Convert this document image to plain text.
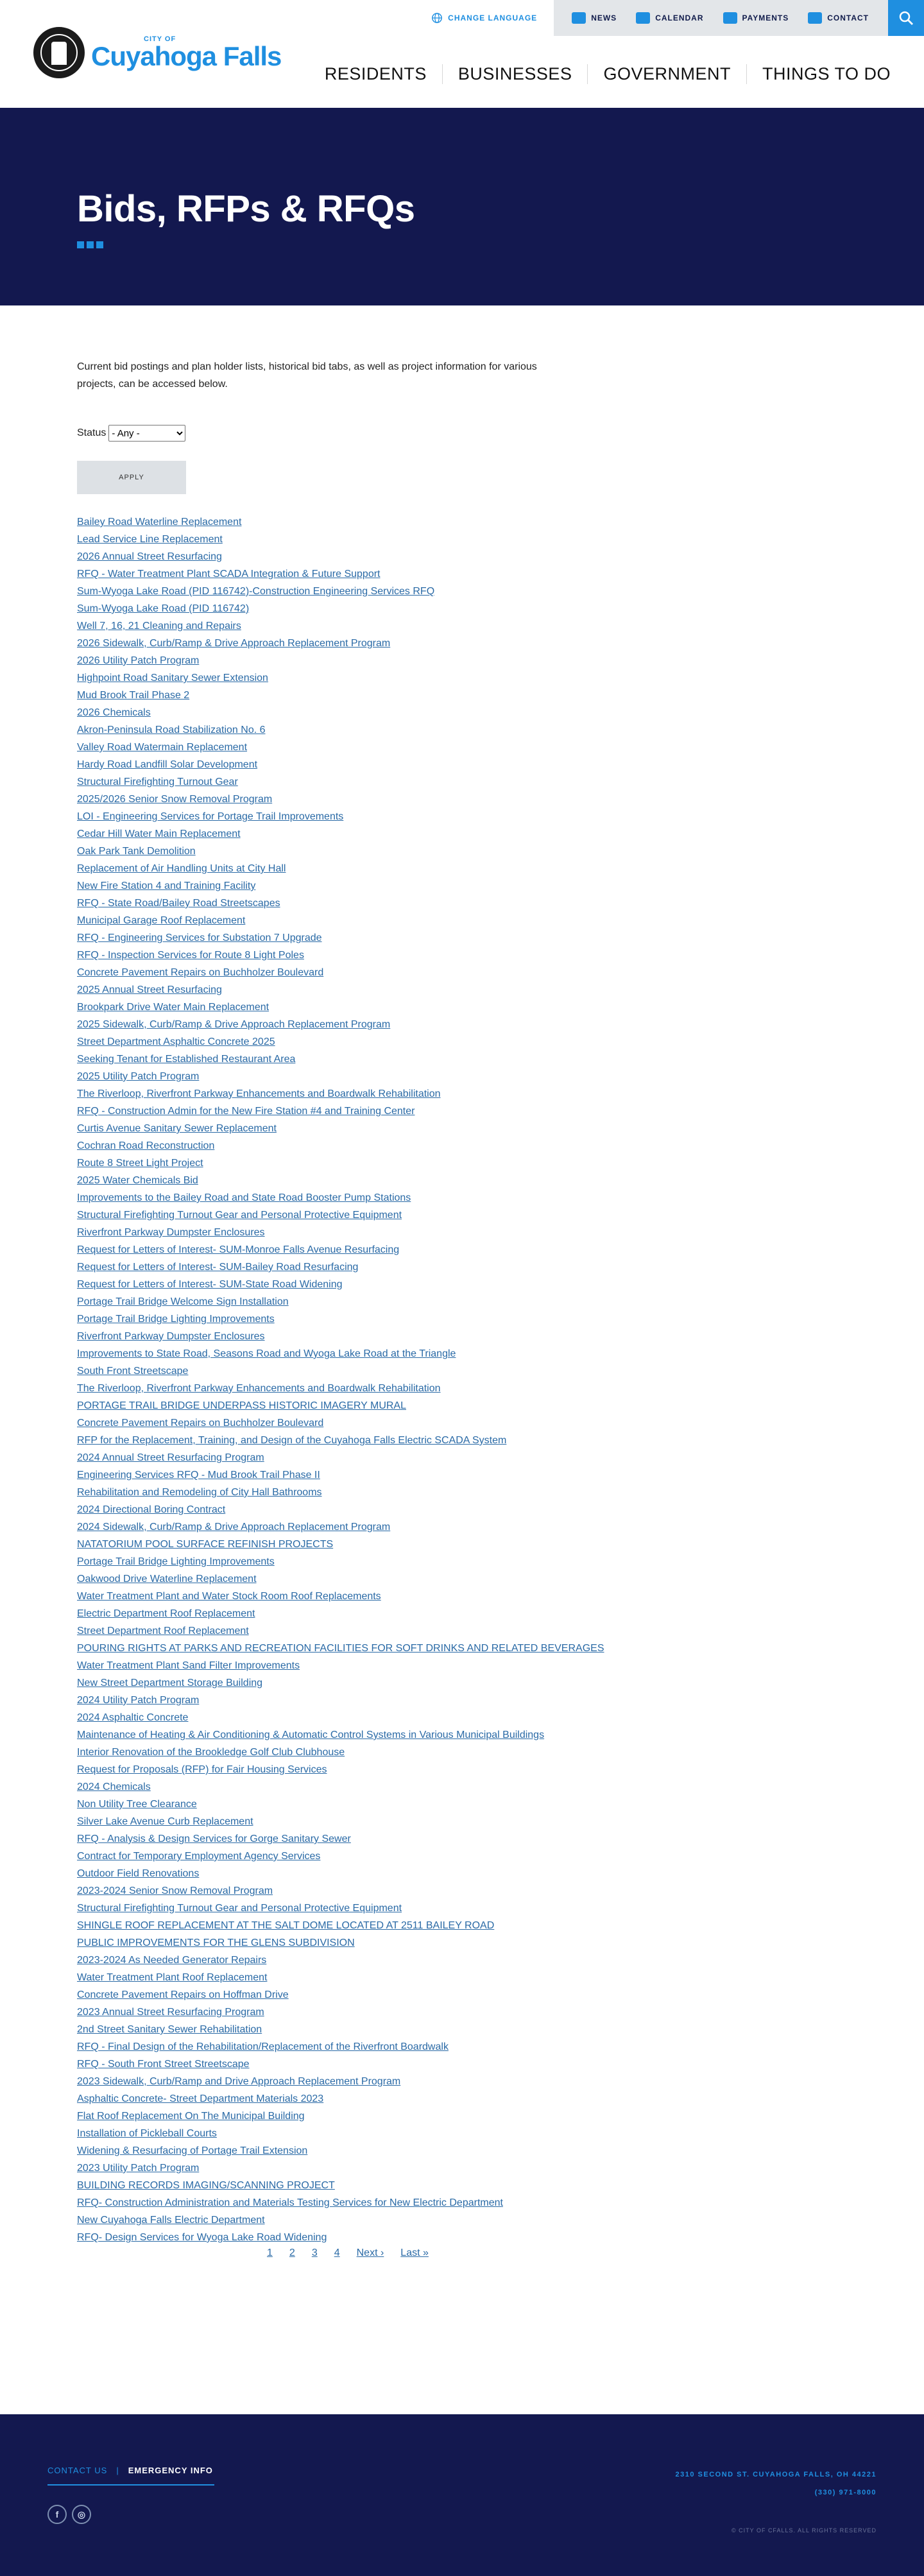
CHANGE LANGUAGE	NEWS	CALENDAR	PAYMENTS	CONTACT
CITY OF
Cuyahoga Falls
RESIDENTS	BUSINESSES	GOVERNMENT	THINGS TO DO
Bids, RFPs & RFQs

Current bid postings and plan holder lists, historical bid tabs, as well as project information for various projects, can be accessed below.

Status
- Any -
APPLY
Bailey Road Waterline Replacement
Lead Service Line Replacement
2026 Annual Street Resurfacing
RFQ - Water Treatment Plant SCADA Integration & Future Support
Sum-Wyoga Lake Road (PID 116742)-Construction Engineering Services RFQ
Sum-Wyoga Lake Road (PID 116742)
Well 7, 16, 21 Cleaning and Repairs
2026 Sidewalk, Curb/Ramp & Drive Approach Replacement Program
2026 Utility Patch Program
Highpoint Road Sanitary Sewer Extension
Mud Brook Trail Phase 2
2026 Chemicals
Akron-Peninsula Road Stabilization No. 6
Valley Road Watermain Replacement
Hardy Road Landfill Solar Development
Structural Firefighting Turnout Gear
2025/2026 Senior Snow Removal Program
LOI - Engineering Services for Portage Trail Improvements
Cedar Hill Water Main Replacement
Oak Park Tank Demolition
Replacement of Air Handling Units at City Hall
New Fire Station 4 and Training Facility
RFQ - State Road/Bailey Road Streetscapes
Municipal Garage Roof Replacement
RFQ - Engineering Services for Substation 7 Upgrade
RFQ - Inspection Services for Route 8 Light Poles
Concrete Pavement Repairs on Buchholzer Boulevard
2025 Annual Street Resurfacing
Brookpark Drive Water Main Replacement
2025 Sidewalk, Curb/Ramp & Drive Approach Replacement Program
Street Department Asphaltic Concrete 2025
Seeking Tenant for Established Restaurant Area
2025 Utility Patch Program
The Riverloop, Riverfront Parkway Enhancements and Boardwalk Rehabilitation
RFQ - Construction Admin for the New Fire Station #4 and Training Center
Curtis Avenue Sanitary Sewer Replacement
Cochran Road Reconstruction
Route 8 Street Light Project
2025 Water Chemicals Bid
Improvements to the Bailey Road and State Road Booster Pump Stations
Structural Firefighting Turnout Gear and Personal Protective Equipment
Riverfront Parkway Dumpster Enclosures
Request for Letters of Interest- SUM-Monroe Falls Avenue Resurfacing
Request for Letters of Interest- SUM-Bailey Road Resurfacing
Request for Letters of Interest- SUM-State Road Widening
Portage Trail Bridge Welcome Sign Installation
Portage Trail Bridge Lighting Improvements
Riverfront Parkway Dumpster Enclosures
Improvements to State Road, Seasons Road and Wyoga Lake Road at the Triangle
South Front Streetscape
The Riverloop, Riverfront Parkway Enhancements and Boardwalk Rehabilitation
PORTAGE TRAIL BRIDGE UNDERPASS HISTORIC IMAGERY MURAL
Concrete Pavement Repairs on Buchholzer Boulevard
RFP for the Replacement, Training, and Design of the Cuyahoga Falls Electric SCADA System
2024 Annual Street Resurfacing Program
Engineering Services RFQ - Mud Brook Trail Phase II
Rehabilitation and Remodeling of City Hall Bathrooms
2024 Directional Boring Contract
2024 Sidewalk, Curb/Ramp & Drive Approach Replacement Program
NATATORIUM POOL SURFACE REFINISH PROJECTS
Portage Trail Bridge Lighting Improvements
Oakwood Drive Waterline Replacement
Water Treatment Plant and Water Stock Room Roof Replacements
Electric Department Roof Replacement
Street Department Roof Replacement
POURING RIGHTS AT PARKS AND RECREATION FACILITIES FOR SOFT DRINKS AND RELATED BEVERAGES
Water Treatment Plant Sand Filter Improvements
New Street Department Storage Building
2024 Utility Patch Program
2024 Asphaltic Concrete
Maintenance of Heating & Air Conditioning & Automatic Control Systems in Various Municipal Buildings
Interior Renovation of the Brookledge Golf Club Clubhouse
Request for Proposals (RFP) for Fair Housing Services
2024 Chemicals
Non Utility Tree Clearance
Silver Lake Avenue Curb Replacement
RFQ - Analysis & Design Services for Gorge Sanitary Sewer
Contract for Temporary Employment Agency Services
Outdoor Field Renovations
2023-2024 Senior Snow Removal Program
Structural Firefighting Turnout Gear and Personal Protective Equipment
SHINGLE ROOF REPLACEMENT AT THE SALT DOME LOCATED AT 2511 BAILEY ROAD
PUBLIC IMPROVEMENTS FOR THE GLENS SUBDIVISION
2023-2024 As Needed Generator Repairs
Water Treatment Plant Roof Replacement
Concrete Pavement Repairs on Hoffman Drive
2023 Annual Street Resurfacing Program
2nd Street Sanitary Sewer Rehabilitation
RFQ - Final Design of the Rehabilitation/Replacement of the Riverfront Boardwalk
RFQ - South Front Street Streetscape
2023 Sidewalk, Curb/Ramp and Drive Approach Replacement Program
Asphaltic Concrete- Street Department Materials 2023
Flat Roof Replacement On The Municipal Building
Installation of Pickleball Courts
Widening & Resurfacing of Portage Trail Extension
2023 Utility Patch Program
BUILDING RECORDS IMAGING/SCANNING PROJECT
RFQ- Construction Administration and Materials Testing Services for New Electric Department
New Cuyahoga Falls Electric Department
RFQ- Design Services for Wyoga Lake Road Widening
1 2 3 4 Next › Last »
CONTACT US | EMERGENCY INFO
f	◎
2310 SECOND ST. CUYAHOGA FALLS, OH 44221
(330) 971-8000
© CITY OF CFALLS. ALL RIGHTS RESERVED
